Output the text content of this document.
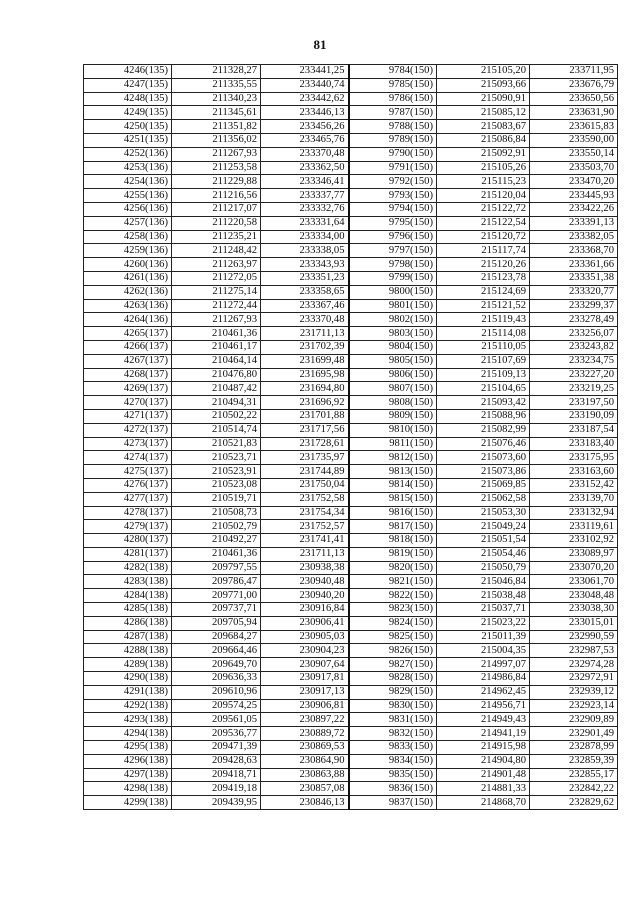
81
4246(135)	211328,27	233441,25	9784(150)	215105,20	233711,95
4247(135)	211335,55	233440,74	9785(150)	215093,66	233676,79
4248(135)	211340,23	233442,62	9786(150)	215090,91	233650,56
4249(135)	211345,61	233446,13	9787(150)	215085,12	233631,90
4250(135)	211351,82	233456,26	9788(150)	215083,67	233615,83
4251(135)	211356,02	233465,76	9789(150)	215086,84	233590,00
4252(136)	211267,93	233370,48	9790(150)	215092,91	233550,14
4253(136)	211253,58	233362,50	9791(150)	215105,26	233503,70
4254(136)	211229,88	233346,41	9792(150)	215115,23	233470,20
4255(136)	211216,56	233337,77	9793(150)	215120,04	233445,93
4256(136)	211217,07	233332,76	9794(150)	215122,72	233422,26
4257(136)	211220,58	233331,64	9795(150)	215122,54	233391,13
4258(136)	211235,21	233334,00	9796(150)	215120,72	233382,05
4259(136)	211248,42	233338,05	9797(150)	215117,74	233368,70
4260(136)	211263,97	233343,93	9798(150)	215120,26	233361,66
4261(136)	211272,05	233351,23	9799(150)	215123,78	233351,38
4262(136)	211275,14	233358,65	9800(150)	215124,69	233320,77
4263(136)	211272,44	233367,46	9801(150)	215121,52	233299,37
4264(136)	211267,93	233370,48	9802(150)	215119,43	233278,49
4265(137)	210461,36	231711,13	9803(150)	215114,08	233256,07
4266(137)	210461,17	231702,39	9804(150)	215110,05	233243,82
4267(137)	210464,14	231699,48	9805(150)	215107,69	233234,75
4268(137)	210476,80	231695,98	9806(150)	215109,13	233227,20
4269(137)	210487,42	231694,80	9807(150)	215104,65	233219,25
4270(137)	210494,31	231696,92	9808(150)	215093,42	233197,50
4271(137)	210502,22	231701,88	9809(150)	215088,96	233190,09
4272(137)	210514,74	231717,56	9810(150)	215082,99	233187,54
4273(137)	210521,83	231728,61	9811(150)	215076,46	233183,40
4274(137)	210523,71	231735,97	9812(150)	215073,60	233175,95
4275(137)	210523,91	231744,89	9813(150)	215073,86	233163,60
4276(137)	210523,08	231750,04	9814(150)	215069,85	233152,42
4277(137)	210519,71	231752,58	9815(150)	215062,58	233139,70
4278(137)	210508,73	231754,34	9816(150)	215053,30	233132,94
4279(137)	210502,79	231752,57	9817(150)	215049,24	233119,61
4280(137)	210492,27	231741,41	9818(150)	215051,54	233102,92
4281(137)	210461,36	231711,13	9819(150)	215054,46	233089,97
4282(138)	209797,55	230938,38	9820(150)	215050,79	233070,20
4283(138)	209786,47	230940,48	9821(150)	215046,84	233061,70
4284(138)	209771,00	230940,20	9822(150)	215038,48	233048,48
4285(138)	209737,71	230916,84	9823(150)	215037,71	233038,30
4286(138)	209705,94	230906,41	9824(150)	215023,22	233015,01
4287(138)	209684,27	230905,03	9825(150)	215011,39	232990,59
4288(138)	209664,46	230904,23	9826(150)	215004,35	232987,53
4289(138)	209649,70	230907,64	9827(150)	214997,07	232974,28
4290(138)	209636,33	230917,81	9828(150)	214986,84	232972,91
4291(138)	209610,96	230917,13	9829(150)	214962,45	232939,12
4292(138)	209574,25	230906,81	9830(150)	214956,71	232923,14
4293(138)	209561,05	230897,22	9831(150)	214949,43	232909,89
4294(138)	209536,77	230889,72	9832(150)	214941,19	232901,49
4295(138)	209471,39	230869,53	9833(150)	214915,98	232878,99
4296(138)	209428,63	230864,90	9834(150)	214904,80	232859,39
4297(138)	209418,71	230863,88	9835(150)	214901,48	232855,17
4298(138)	209419,18	230857,08	9836(150)	214881,33	232842,22
4299(138)	209439,95	230846,13	9837(150)	214868,70	232829,62
